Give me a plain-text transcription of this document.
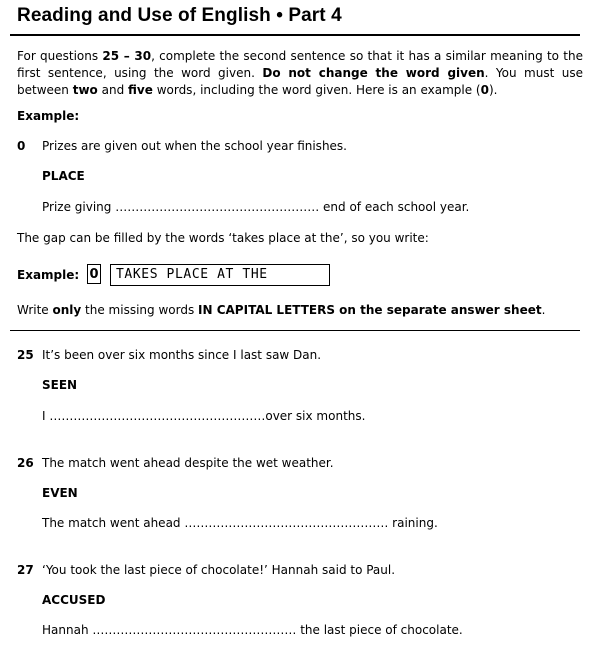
Reading and Use of English • Part 4
For questions 25 – 30, complete the second sentence so that it has a similar meaning to the first sentence, using the word given. Do not change the word given. You must use between two and five words, including the word given. Here is an example (0).
Example:
0 Prizes are given out when the school year finishes.
PLACE
Prize giving …………………………………………… end of each school year.
The gap can be filled by the words ‘takes place at the’, so you write:
Example: 0	TAKES PLACE AT THE
Write only the missing words IN CAPITAL LETTERS on the separate answer sheet.
25 It’s been over six months since I last saw Dan.
SEEN
I ………………………………………………over six months.
26 The match went ahead despite the wet weather.
EVEN
The match went ahead …………………………………………… raining.
27 ‘You took the last piece of chocolate!’ Hannah said to Paul.
ACCUSED
Hannah …………………………………………… the last piece of chocolate.
